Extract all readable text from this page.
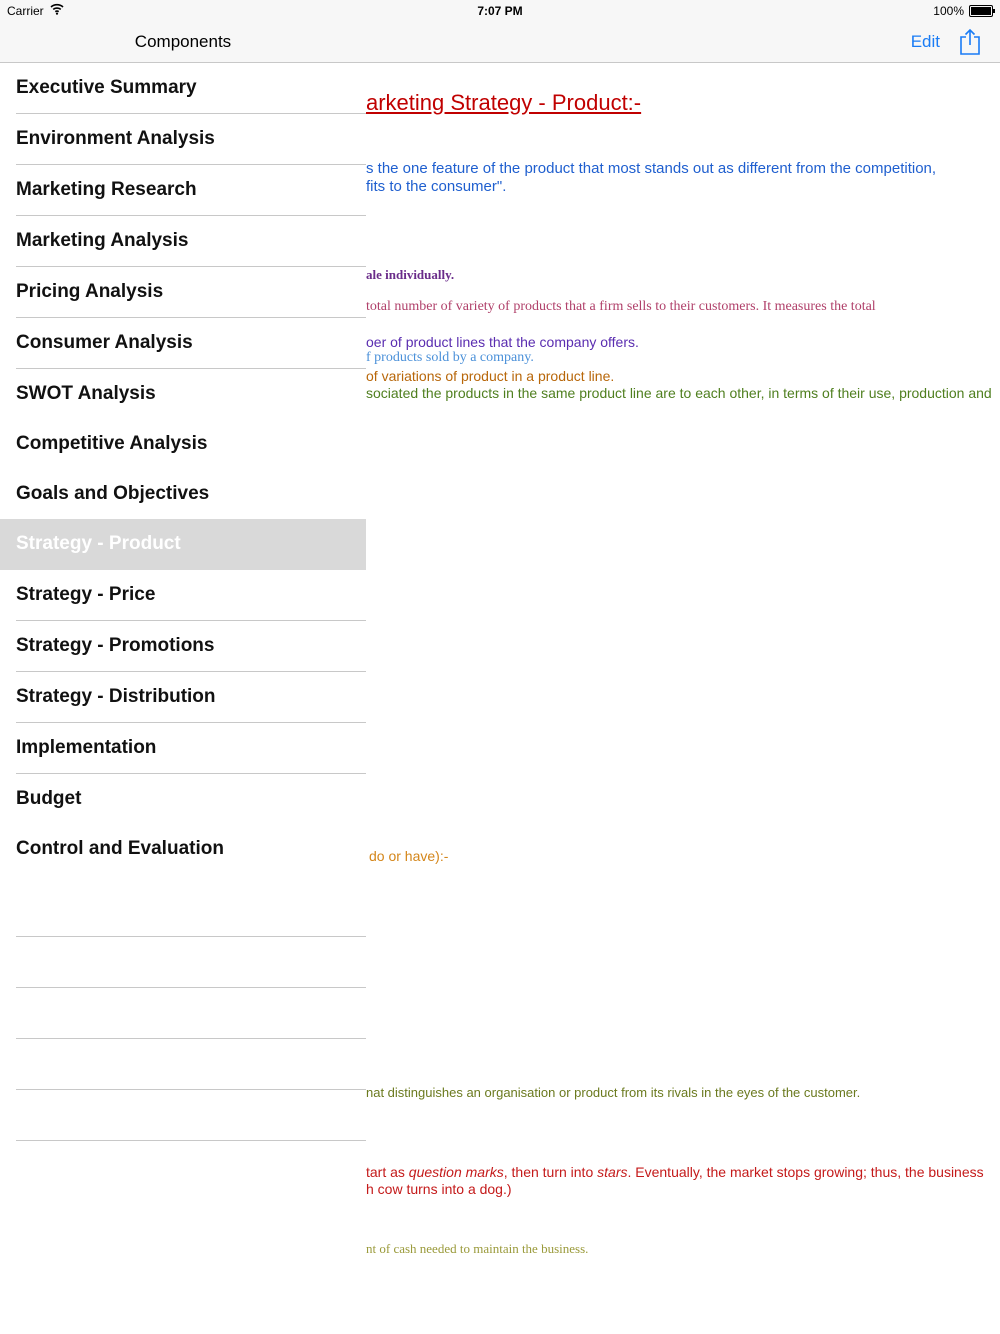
Carrier	7:07 PM	100%
Components	Edit
arketing Strategy - Product:-
s the one feature of the product that most stands out as different from the competition,
fits to the consumer".
ale individually.
total number of variety of products that a firm sells to their customers. It measures the total
oer of product lines that the company offers.
f products sold by a company.
of variations of product in a product line.
sociated the products in the same product line are to each other, in terms of their use, production and
do or have):-
nat distinguishes an organisation or product from its rivals in the eyes of the customer.
tart as question marks, then turn into stars. Eventually, the market stops growing; thus, the business
h cow turns into a dog.)
nt of cash needed to maintain the business.
Executive Summary
Environment Analysis
Marketing Research
Marketing Analysis
Pricing Analysis
Consumer Analysis
SWOT Analysis
Competitive Analysis
Goals and Objectives
Strategy - Product
Strategy - Price
Strategy - Promotions
Strategy - Distribution
Implementation
Budget
Control and Evaluation
